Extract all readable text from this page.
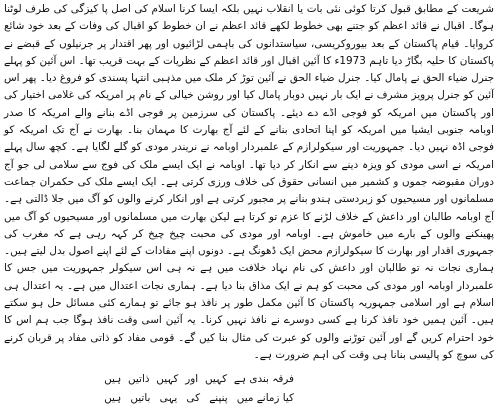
شریعت کے مطابق قبول کرتا کوئی نئی بات یا انقلاب نہیں بلکہ ایسا کرنا اسلام کی اصل پا کیزگی کی طرف لوٹنا ہوگا۔ اقبال نے قائد اعظم کو جتنے بھی خطوط لکھے قائد اعظم نے ان خطوط کو اقبال کی وفات کے بعد خود شائع کروایا۔ قیام پاکستان کے بعد بیوروکریسی، سیاستدانوں کی باہمی لڑائیوں اور پھر اقتدار پر جرنیلوں کے قبضے نے پاکستان کا حلیہ بگاڑ دیا تاہم 1973ء کا آئین اقبال اور قائد اعظم کے نظریات کے بہت قریب تھا۔ اس آئین کو پہلے جنرل ضیاء الحق نے پامال کیا۔ جنرل ضیاء الحق نے آئین توڑ کر ملک میں مذہبی انتہا پسندی کو فروغ دیا۔ پھر اس آئین کو جنرل پرویز مشرف نے ایک بار نہیں دوبار پامال کیا اور روشن خیالی کے نام پر امریکہ کی غلامی اختیار کی اور پاکستان میں امریکہ کو فوجی اڈے دے دیئے۔ پاکستان کی سرزمین پر فوجی اڈے بنانے والے امریکہ کا صدر اوبامہ جنوبی ایشیا میں امریکہ کو اپنا اتحادی بنانے کے لئے آج بھارت کا مہمان بنا۔ بھارت نے آج تک امریکہ کو فوجی اڈہ نہیں دیا۔ جمہوریت اور سیکولرازم کے علمبردار اوبامہ نے نریندر مودی کو گلے لگایا ہے۔ کچھ سال پہلے امریکہ نے اسی مودی کو ویزہ دینے سے انکار کر دیا تھا۔ اوبامہ نے ایک ایسے ملک کی فوج سے سلامی لی جو آج دوران مقبوضہ جموں و کشمیر میں انسانی حقوق کی خلاف ورزی کرتی ہے۔ ایک ایسے ملک کی حکمران جماعت مسلمانوں اور مسیحیوں کو زبردستی ہندو بنانے پر مجبور کرتی ہے اور انکار کرنے والوں کو آگ میں جلا ڈالتی ہے۔ آج اوبامہ طالبان اور داعش کے خلاف لڑنے کا عزم تو کرتا ہے لیکن بھارت میں مسلمانوں اور مسیحیوں کو آگ میں پھینکنے والوں کے بارے میں خاموش ہے۔ اوبامہ اور مودی کی محبت چیخ چیخ کر کہہ رہی ہے کہ مغرب کی جمہوری اقدار اور بھارت کا سیکولرازم محض ایک ڈھونگ ہے۔ دونوں اپنے مفادات کے لئے اپنے اصول بدل لیتے ہیں۔ ہماری نجات نہ تو طالبان اور داعش کی نام نہاد خلافت میں ہے نہ ہی اس سیکولر جمہوریت میں جس کا علمبردار اوبامہ اور مودی کی محبت کو ہم نے ایک مذاق بنا دیا ہے۔ ہماری نجات اعتدال میں ہے۔ یہ اعتدال ہی اسلام ہے اور اسلامی جمہوریہ پاکستان کا آئین مکمل طور پر نافذ ہو جائے تو ہمارے کئی مسائل حل ہو سکتے ہیں۔ آئین ہمیں خود نافذ کرنا ہے کسی دوسرے نے نافذ نہیں کرنا۔ یہ آئین اسی وقت نافذ ہوگا جب ہم اس کا خود احترام کریں گے اور آئین توڑنے والوں کو عبرت کی مثال بنا کیں گے۔ قومی مفاد کو ذاتی مفاد پر قربان کرنے کی سوچ کو پالیسی بنانا ہی وقت کی اہم ضرورت ہے۔

فرقہ بندی ہے
کہیں
اور
کہیں
ذاتیں
ہیں
کیا زمانے میں
پنپنے
کی
یہی
باتیں
ہیں
